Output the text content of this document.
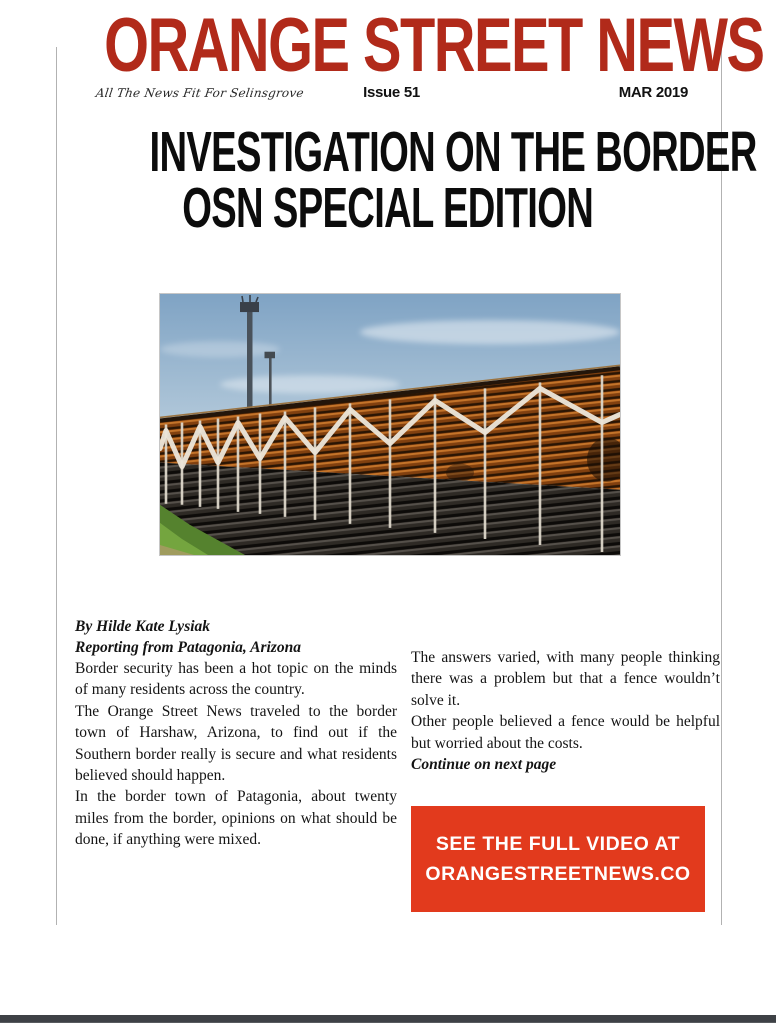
ORANGE STREET NEWS
All The News Fit For Selinsgrove	Issue 51	MAR 2019
INVESTIGATION ON THE BORDER
OSN SPECIAL EDITION
By Hilde Kate Lysiak
Reporting from Patagonia, Arizona

Border security has been a hot topic on the minds of many residents across the country.

The Orange Street News traveled to the border town of Harshaw, Arizona, to find out if the Southern border really is secure and what residents believed should happen.

In the border town of Patagonia, about twenty miles from the border, opinions on what should be done, if anything were mixed.

The answers varied, with many people thinking there was a problem but that a fence wouldn’t solve it.

Other people believed a fence would be helpful but worried about the costs.

Continue on next page

SEE THE FULL VIDEO AT
ORANGESTREETNEWS.CO
